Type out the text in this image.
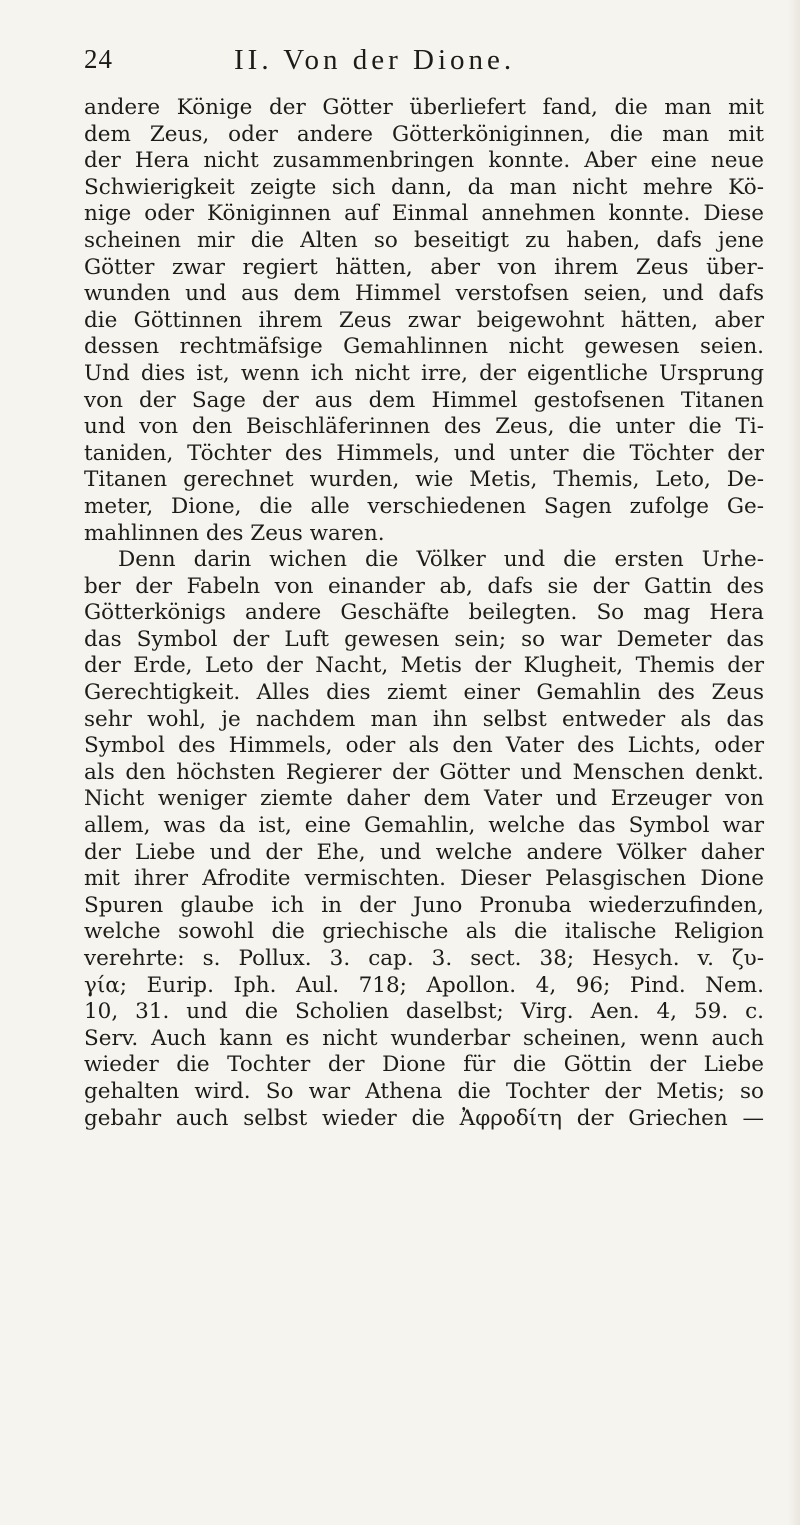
24	II. Von der Dione.
andere Könige der Götter überliefert fand, die man mit
dem Zeus, oder andere Götterköniginnen, die man mit
der Hera nicht zusammenbringen konnte. Aber eine neue
Schwierigkeit zeigte sich dann, da man nicht mehre Kö-
nige oder Königinnen auf Einmal annehmen konnte. Diese
scheinen mir die Alten so beseitigt zu haben, dafs jene
Götter zwar regiert hätten, aber von ihrem Zeus über-
wunden und aus dem Himmel verstofsen seien, und dafs
die Göttinnen ihrem Zeus zwar beigewohnt hätten, aber
dessen rechtmäfsige Gemahlinnen nicht gewesen seien.
Und dies ist, wenn ich nicht irre, der eigentliche Ursprung
von der Sage der aus dem Himmel gestofsenen Titanen
und von den Beischläferinnen des Zeus, die unter die Ti-
taniden, Töchter des Himmels, und unter die Töchter der
Titanen gerechnet wurden, wie Metis, Themis, Leto, De-
meter, Dione, die alle verschiedenen Sagen zufolge Ge-
mahlinnen des Zeus waren.
Denn darin wichen die Völker und die ersten Urhe-
ber der Fabeln von einander ab, dafs sie der Gattin des
Götterkönigs andere Geschäfte beilegten. So mag Hera
das Symbol der Luft gewesen sein; so war Demeter das
der Erde, Leto der Nacht, Metis der Klugheit, Themis der
Gerechtigkeit. Alles dies ziemt einer Gemahlin des Zeus
sehr wohl, je nachdem man ihn selbst entweder als das
Symbol des Himmels, oder als den Vater des Lichts, oder
als den höchsten Regierer der Götter und Menschen denkt.
Nicht weniger ziemte daher dem Vater und Erzeuger von
allem, was da ist, eine Gemahlin, welche das Symbol war
der Liebe und der Ehe, und welche andere Völker daher
mit ihrer Afrodite vermischten. Dieser Pelasgischen Dione
Spuren glaube ich in der Juno Pronuba wiederzufinden,
welche sowohl die griechische als die italische Religion
verehrte: s. Pollux. 3. cap. 3. sect. 38; Hesych. v. ζυ-
γία; Eurip. Iph. Aul. 718; Apollon. 4, 96; Pind. Nem.
10, 31. und die Scholien daselbst; Virg. Aen. 4, 59. c.
Serv. Auch kann es nicht wunderbar scheinen, wenn auch
wieder die Tochter der Dione für die Göttin der Liebe
gehalten wird. So war Athena die Tochter der Metis; so
gebahr auch selbst wieder die Ἀφροδίτη der Griechen —
